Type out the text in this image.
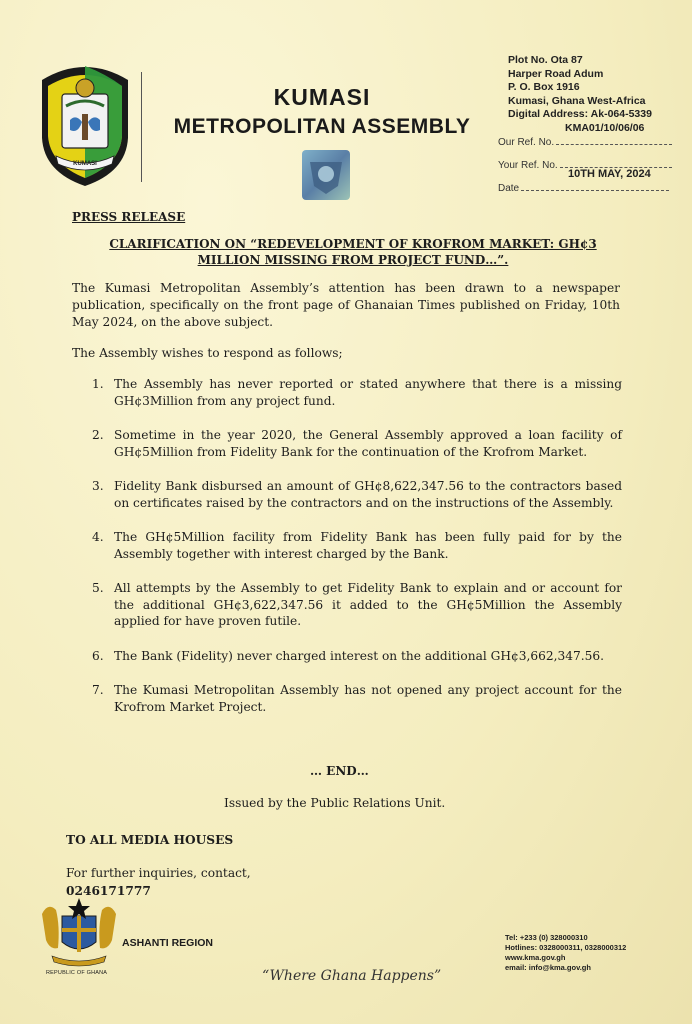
KUMASI
KUMASI
METROPOLITAN ASSEMBLY
Plot No. Ota 87
Harper Road Adum
P. O. Box 1916
Kumasi, Ghana West-Africa
Digital Address: Ak-064-5339
KMA01/10/06/06
Our Ref. No.
Your Ref. No.
10TH MAY, 2024
Date
PRESS RELEASE
CLARIFICATION ON “REDEVELOPMENT OF KROFROM MARKET: GH¢3 MILLION MISSING FROM PROJECT FUND…”.
The Kumasi Metropolitan Assembly’s attention has been drawn to a newspaper publication, specifically on the front page of Ghanaian Times published on Friday, 10th May 2024, on the above subject.
The Assembly wishes to respond as follows;
1. The Assembly has never reported or stated anywhere that there is a missing GH¢3Million from any project fund.
2. Sometime in the year 2020, the General Assembly approved a loan facility of GH¢5Million from Fidelity Bank for the continuation of the Krofrom Market.
3. Fidelity Bank disbursed an amount of GH¢8,622,347.56 to the contractors based on certificates raised by the contractors and on the instructions of the Assembly.
4. The GH¢5Million facility from Fidelity Bank has been fully paid for by the Assembly together with interest charged by the Bank.
5. All attempts by the Assembly to get Fidelity Bank to explain and or account for the additional GH¢3,622,347.56 it added to the GH¢5Million the Assembly applied for have proven futile.
6. The Bank (Fidelity) never charged interest on the additional GH¢3,662,347.56.
7. The Kumasi Metropolitan Assembly has not opened any project account for the Krofrom Market Project.
… END…
Issued by the Public Relations Unit.
TO ALL MEDIA HOUSES
For further inquiries, contact,
0246171777
ASHANTI REGION
REPUBLIC OF GHANA	“Where Ghana Happens”
Tel: +233 (0) 328000310
Hotlines: 0328000311, 0328000312
www.kma.gov.gh
email: info@kma.gov.gh
